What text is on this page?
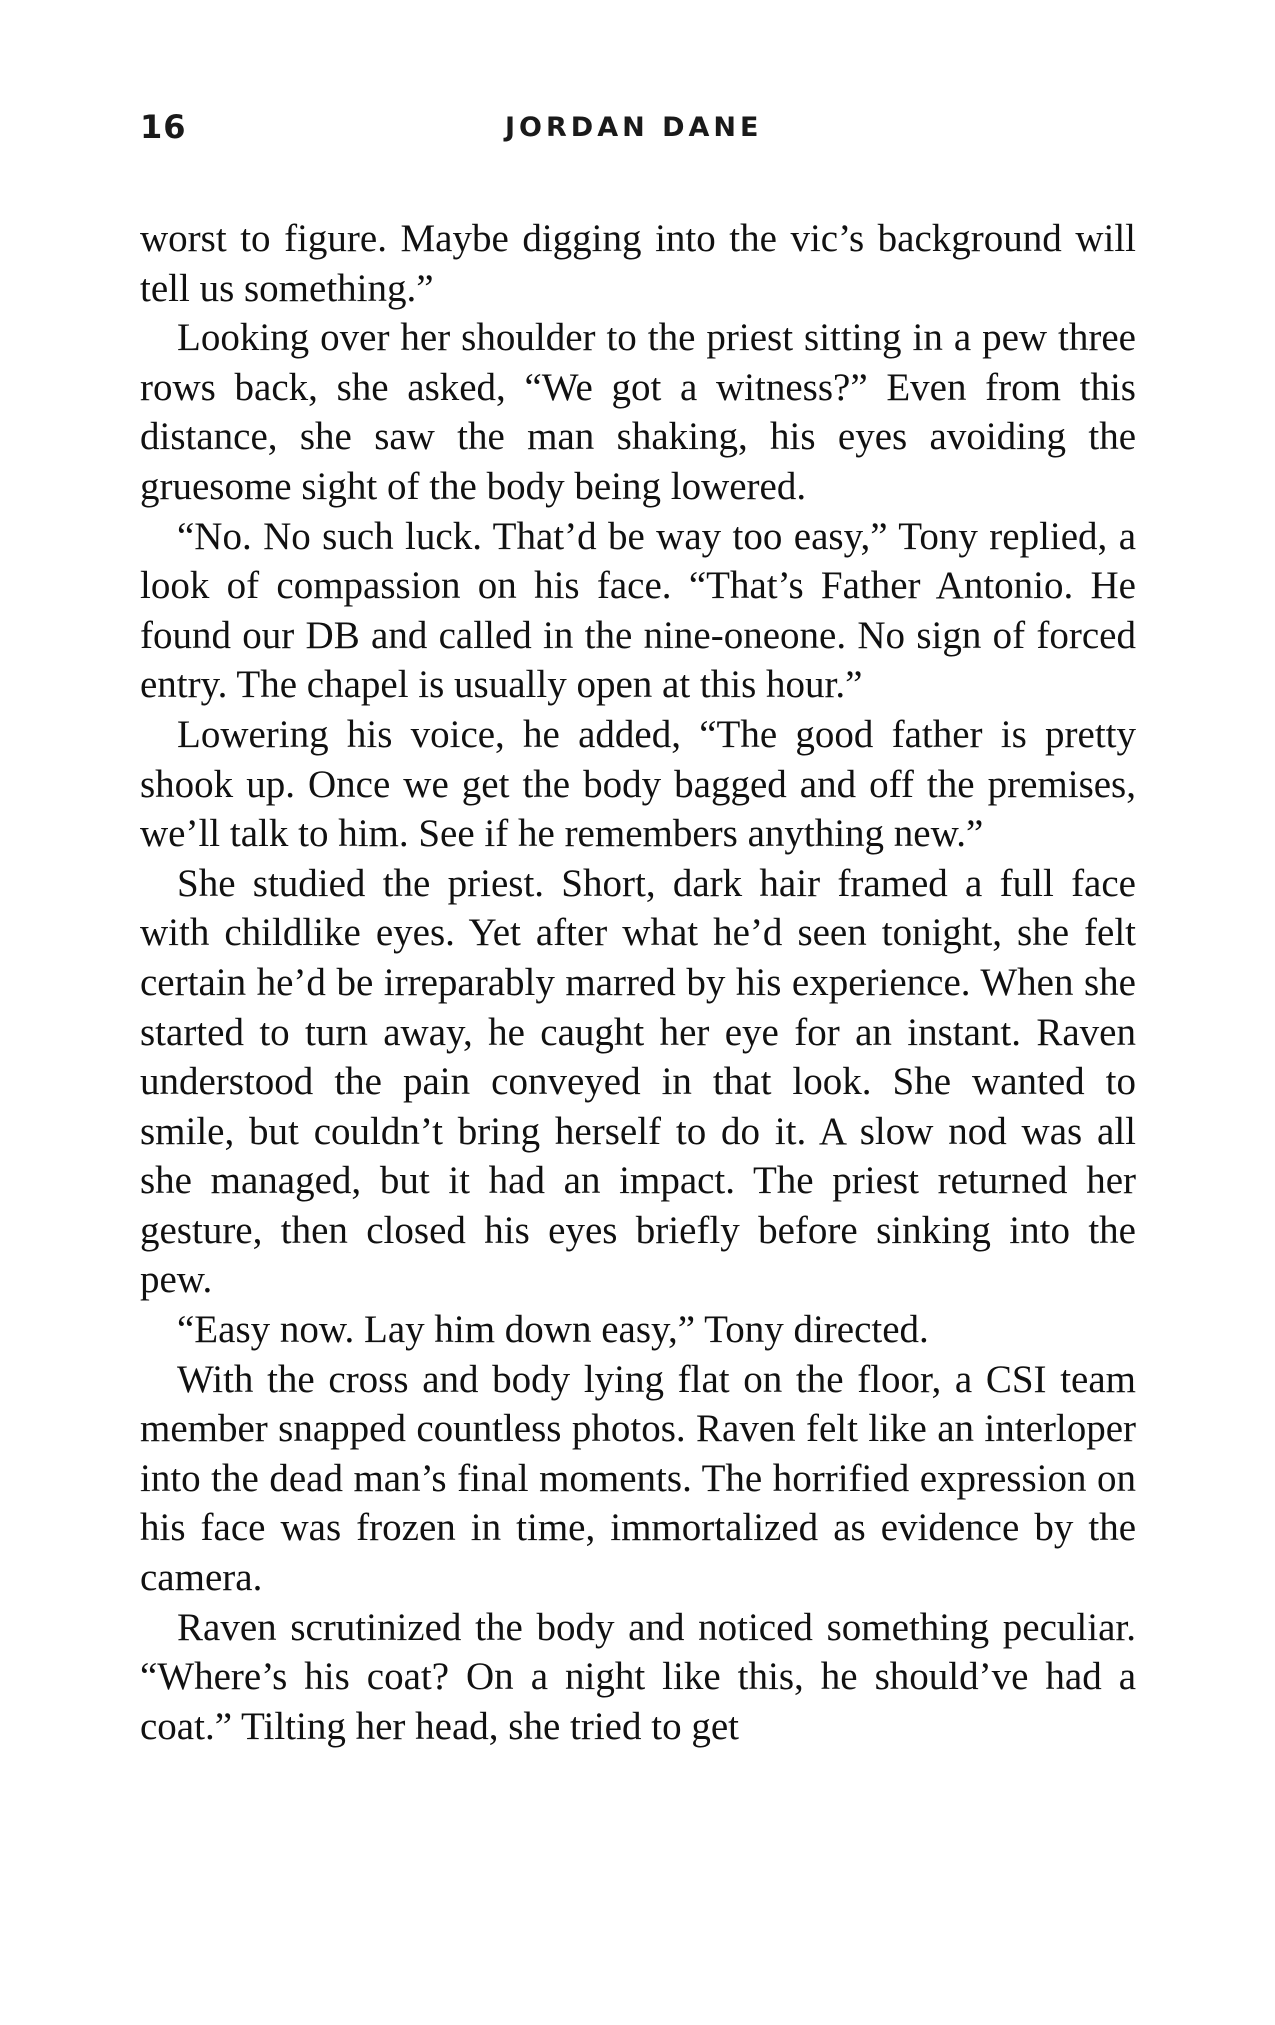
16	JORDAN DANE

worst to figure. Maybe digging into the vic’s background will tell us something.”

Looking over her shoulder to the priest sitting in a pew three rows back, she asked, “We got a witness?” Even from this distance, she saw the man shaking, his eyes avoiding the gruesome sight of the body being lowered.

“No. No such luck. That’d be way too easy,” Tony replied, a look of compassion on his face. “That’s Father Antonio. He found our DB and called in the nine-oneone. No sign of forced entry. The chapel is usually open at this hour.”

Lowering his voice, he added, “The good father is pretty shook up. Once we get the body bagged and off the premises, we’ll talk to him. See if he remembers anything new.”

She studied the priest. Short, dark hair framed a full face with childlike eyes. Yet after what he’d seen tonight, she felt certain he’d be irreparably marred by his experience. When she started to turn away, he caught her eye for an instant. Raven understood the pain conveyed in that look. She wanted to smile, but couldn’t bring herself to do it. A slow nod was all she managed, but it had an impact. The priest returned her gesture, then closed his eyes briefly before sinking into the pew.

“Easy now. Lay him down easy,” Tony directed.

With the cross and body lying flat on the floor, a CSI team member snapped countless photos. Raven felt like an interloper into the dead man’s final moments. The horrified expression on his face was frozen in time, immortalized as evidence by the camera.

Raven scrutinized the body and noticed something peculiar. “Where’s his coat? On a night like this, he should’ve had a coat.” Tilting her head, she tried to get
